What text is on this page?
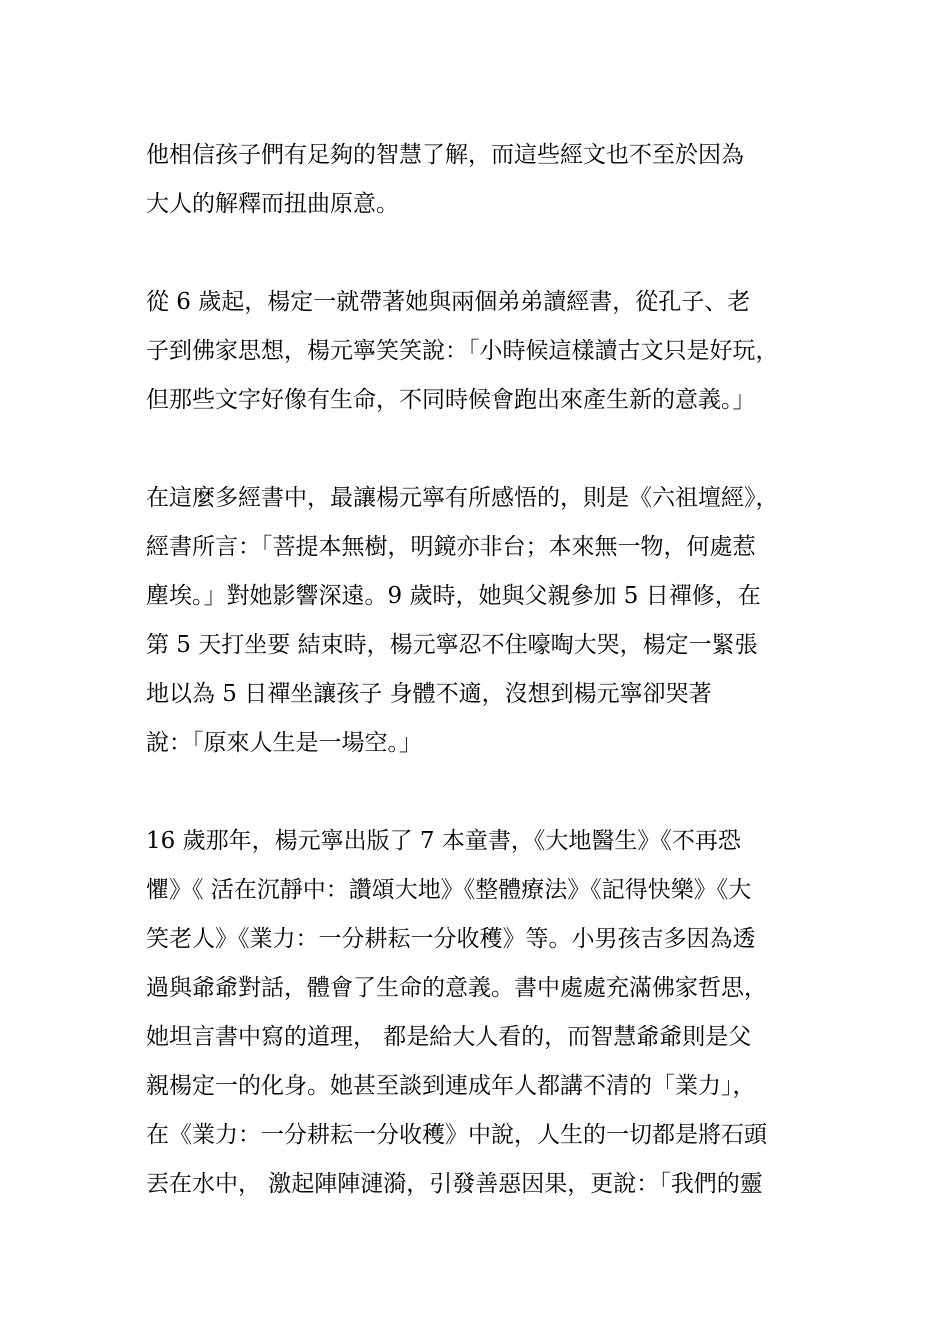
他相信孩子們有足夠的智慧了解，而這些經文也不至於因為
大人的解釋而扭曲原意。

從 6 歲起，楊定一就帶著她與兩個弟弟讀經書，從孔子、老
子到佛家思想，楊元寧笑笑說：「小時候這樣讀古文只是好玩，
但那些文字好像有生命，不同時候會跑出來產生新的意義。」

在這麼多經書中，最讓楊元寧有所感悟的，則是《六祖壇經》，
經書所言：「菩提本無樹，明鏡亦非台；本來無一物，何處惹
塵埃。」對她影響深遠。9 歲時，她與父親參加 5 日禪修，在
第 5 天打坐要 結束時，楊元寧忍不住嚎啕大哭，楊定一緊張
地以為 5 日禪坐讓孩子 身體不適，沒想到楊元寧卻哭著
說：「原來人生是一場空。」

16 歲那年，楊元寧出版了 7 本童書，《大地醫生》《不再恐
懼》《 活在沉靜中：讚頌大地》《整體療法》《記得快樂》《大
笑老人》《業力：一分耕耘一分收穫》等。小男孩吉多因為透
過與爺爺對話，體會了生命的意義。書中處處充滿佛家哲思，
她坦言書中寫的道理， 都是給大人看的，而智慧爺爺則是父
親楊定一的化身。她甚至談到連成年人都講不清的「業力」，
在《業力：一分耕耘一分收穫》中說，人生的一切都是將石頭
丟在水中， 激起陣陣漣漪，引發善惡因果，更說：「我們的靈
